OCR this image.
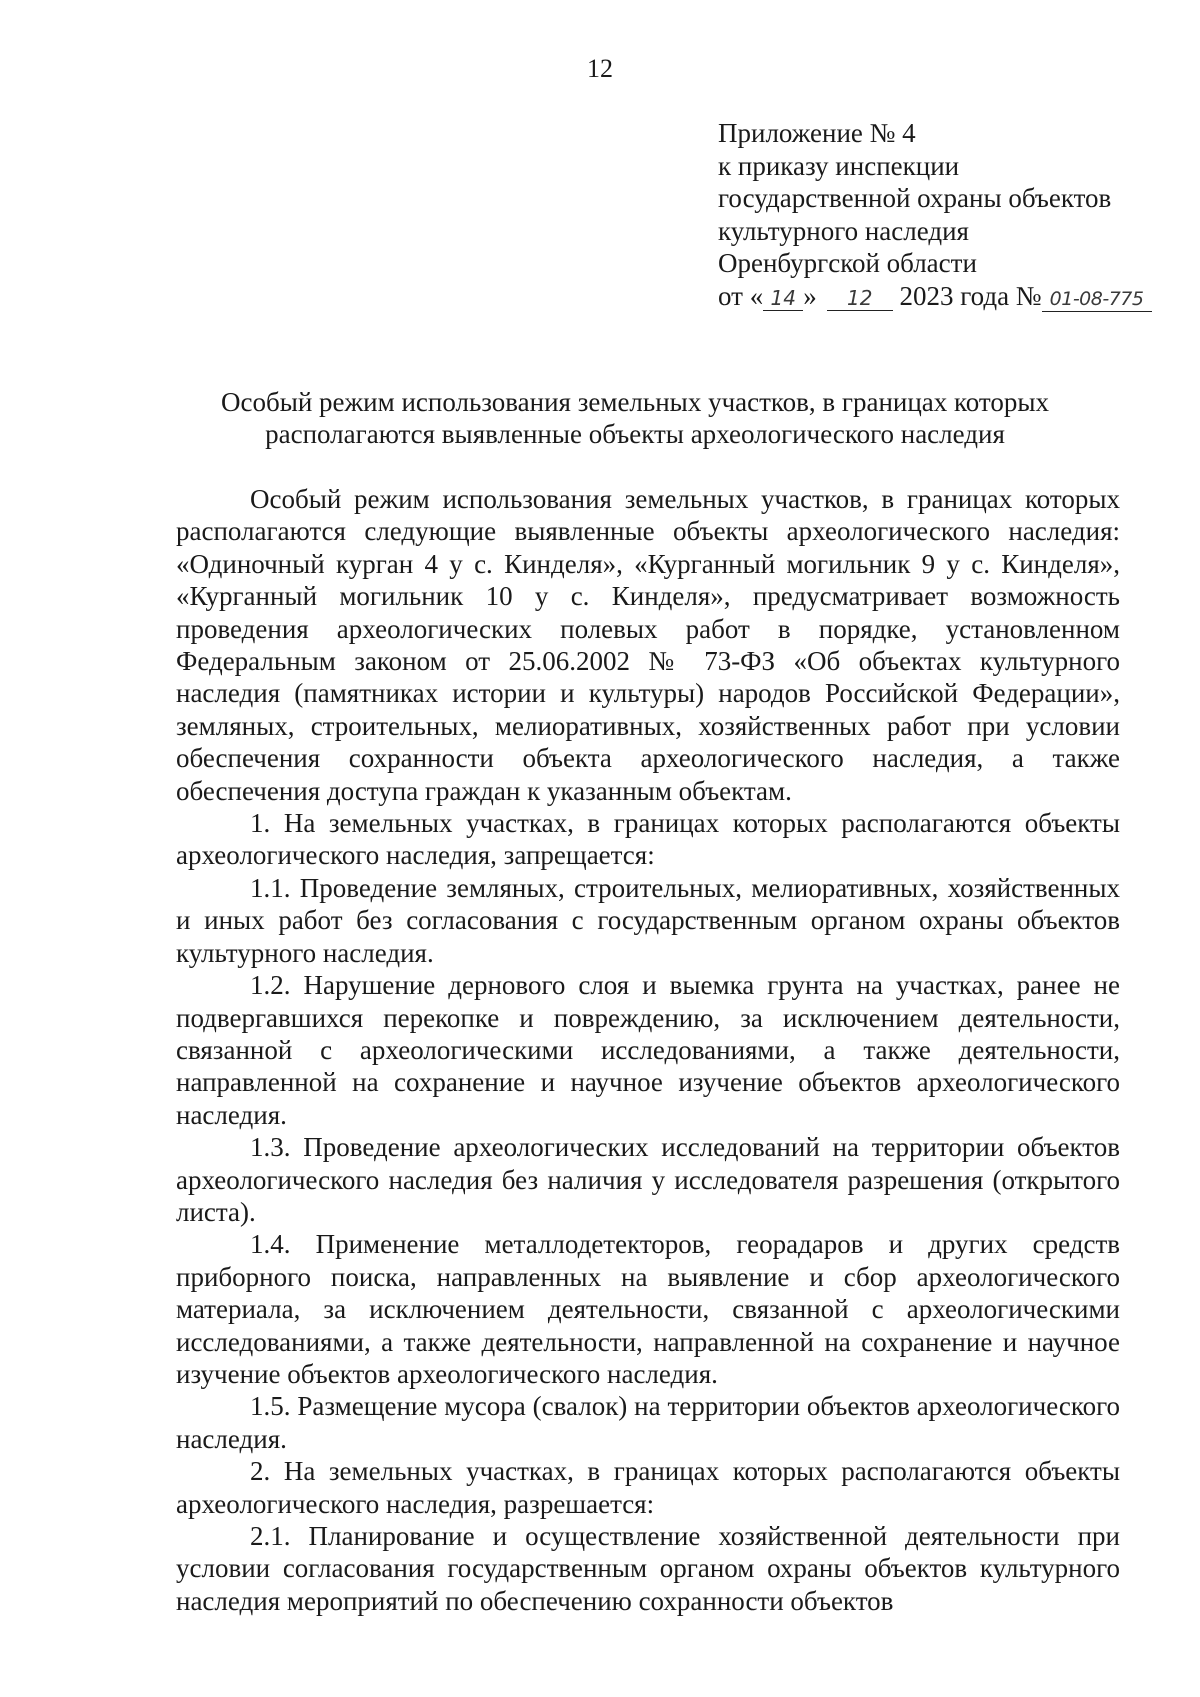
12
Приложение № 4
к приказу инспекции
государственной охраны объектов
культурного наследия
Оренбургской области
от « 14 » 12 2023 года № 01-08-775
Особый режим использования земельных участков, в границах которых
располагаются выявленные объекты археологического наследия

Особый режим использования земельных участков, в границах которых располагаются следующие выявленные объекты археологического наследия: «Одиночный курган 4 у с. Кинделя», «Курганный могильник 9 у с. Кинделя», «Курганный могильник 10 у с. Кинделя», предусматривает возможность проведения археологических полевых работ в порядке, установленном Федеральным законом от 25.06.2002 № 73-ФЗ «Об объектах культурного наследия (памятниках истории и культуры) народов Российской Федерации», земляных, строительных, мелиоративных, хозяйственных работ при условии обеспечения сохранности объекта археологического наследия, а также обеспечения доступа граждан к указанным объектам.

1. На земельных участках, в границах которых располагаются объекты археологического наследия, запрещается:

1.1. Проведение земляных, строительных, мелиоративных, хозяйственных и иных работ без согласования с государственным органом охраны объектов культурного наследия.

1.2. Нарушение дернового слоя и выемка грунта на участках, ранее не подвергавшихся перекопке и повреждению, за исключением деятельности, связанной с археологическими исследованиями, а также деятельности, направленной на сохранение и научное изучение объектов археологического наследия.

1.3. Проведение археологических исследований на территории объектов археологического наследия без наличия у исследователя разрешения (открытого листа).

1.4. Применение металлодетекторов, георадаров и других средств приборного поиска, направленных на выявление и сбор археологического материала, за исключением деятельности, связанной с археологическими исследованиями, а также деятельности, направленной на сохранение и научное изучение объектов археологического наследия.

1.5. Размещение мусора (свалок) на территории объектов археологического наследия.

2. На земельных участках, в границах которых располагаются объекты археологического наследия, разрешается:

2.1. Планирование и осуществление хозяйственной деятельности при условии согласования государственным органом охраны объектов культурного наследия мероприятий по обеспечению сохранности объектов
